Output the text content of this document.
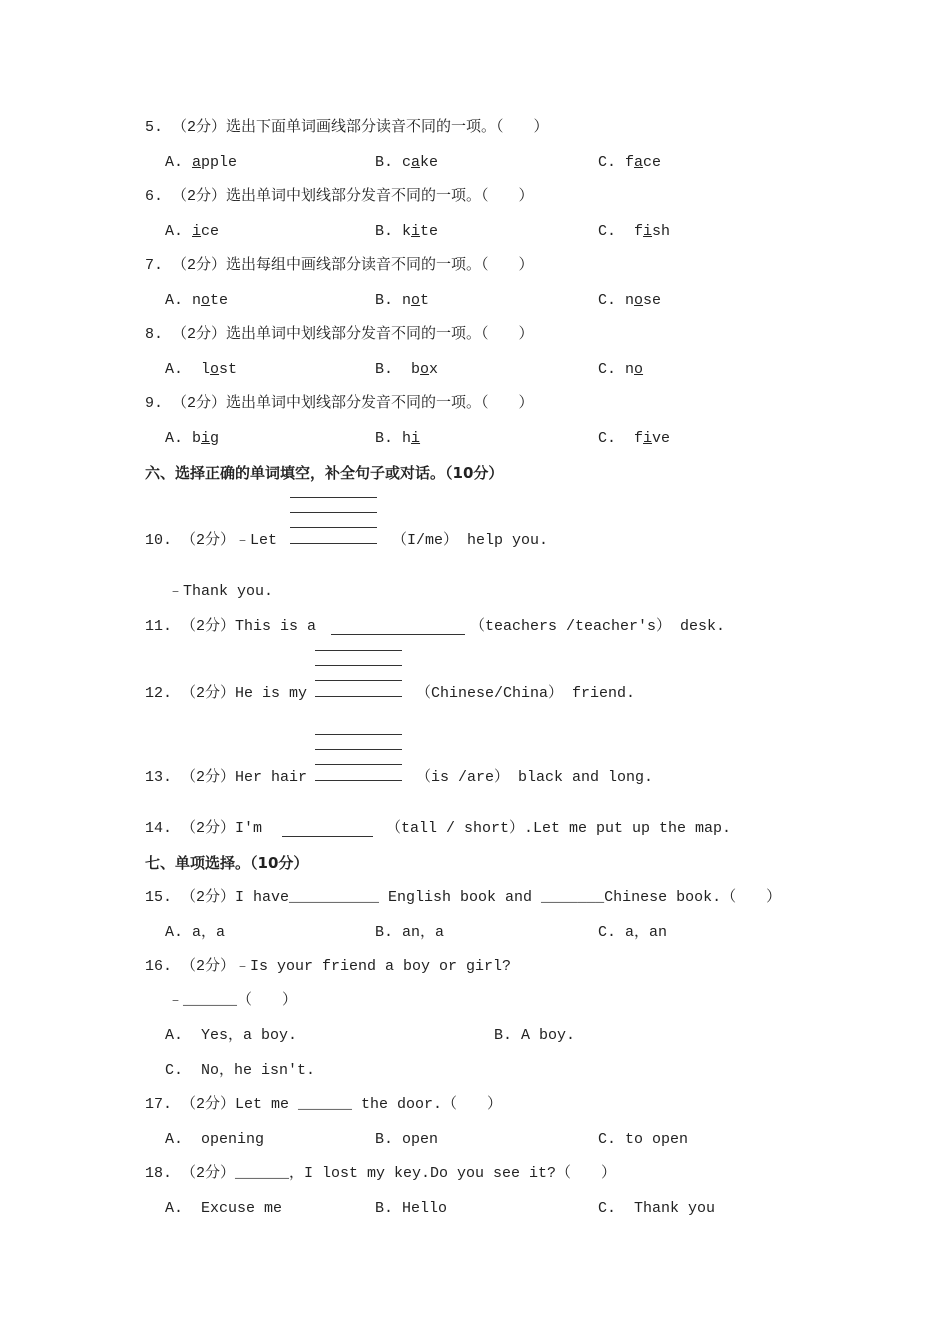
5. （2分）选出下面单词画线部分读音不同的一项。（　　）
A. apple	B. cake	C. face
6. （2分）选出单词中划线部分发音不同的一项。（　　）
A. ice	B. kite	C.  fish
7. （2分）选出每组中画线部分读音不同的一项。（　　）
A. note	B. not	C. nose
8. （2分）选出单词中划线部分发音不同的一项。（　　）
A.  lost	B.  box	C. no
9. （2分）选出单词中划线部分发音不同的一项。（　　）
A. big	B. hi	C.  five
六、选择正确的单词填空，补全句子或对话。（10分）
10. （2分）﹣Let	（I/me） help you.
﹣Thank you.
11. （2分）This is a	（teachers /teacher's） desk.
12. （2分）He is my	（Chinese/China） friend.
13. （2分）Her hair	（is /are） black and long.
14. （2分）I'm	（tall / short）.Let me put up the map.
七、单项选择。（10分）
15. （2分）I have__________ English book and _______Chinese book.（　　）
A. a，a	B. an，a	C. a，an
16. （2分）﹣Is your friend a boy or girl?
﹣______（　　）
A.  Yes，a boy.	B. A boy.
C.  No，he isn't.
17. （2分）Let me ______ the door.（　　）
A.  opening	B. open	C. to open
18. （2分）______，I lost my key.Do you see it?（　　）
A.  Excuse me	B. Hello	C.  Thank you
